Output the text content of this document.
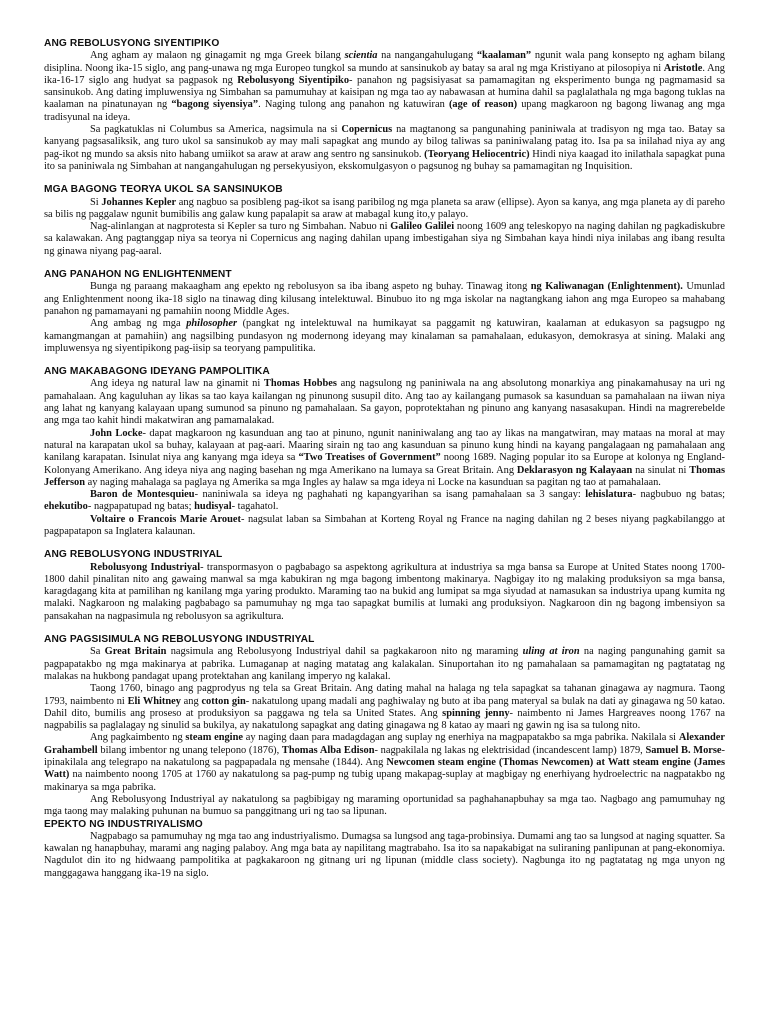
ANG REBOLUSYONG SIYENTIPIKO

Ang agham ay malaon ng ginagamit ng mga Greek bilang scientia na nangangahulugang “kaalaman” ngunit wala pang konsepto ng agham bilang disiplina. Noong ika-15 siglo, ang pang-unawa ng mga Europeo tungkol sa mundo at sansinukob ay batay sa aral ng mga Kristiyano at pilosopiya ni Aristotle. Ang ika-16-17 siglo ang hudyat sa pagpasok ng Rebolusyong Siyentipiko- panahon ng pagsisiyasat sa pamamagitan ng eksperimento bunga ng pagmamasid sa sansinukob. Ang dating impluwensiya ng Simbahan sa pamumuhay at kaisipan ng mga tao ay nabawasan at humina dahil sa paglalathala ng mga bagong tuklas na kaalaman na pinatunayan ng “bagong siyensiya”. Naging tulong ang panahon ng katuwiran (age of reason) upang magkaroon ng bagong liwanag ang mga tradisyunal na ideya.

Sa pagkatuklas ni Columbus sa America, nagsimula na si Copernicus na magtanong sa pangunahing paniniwala at tradisyon ng mga tao. Batay sa kanyang pagsasaliksik, ang turo ukol sa sansinukob ay may mali sapagkat ang mundo ay bilog taliwas sa paniniwalang patag ito. Isa pa sa inilahad niya ay ang pag-ikot ng mundo sa aksis nito habang umiikot sa araw at araw ang sentro ng sansinukob. (Teoryang Heliocentric) Hindi niya kaagad ito inilathala sapagkat puna ito sa paniniwala ng Simbahan at nangangahulugan ng persekyusiyon, ekskomulgasyon o pagsunog ng buhay sa pamamagitan ng Inquisition.

MGA BAGONG TEORYA UKOL SA SANSINUKOB

Si Johannes Kepler ang nagbuo sa posibleng pag-ikot sa isang paribilog ng mga planeta sa araw (ellipse). Ayon sa kanya, ang mga planeta ay di pareho sa bilis ng paggalaw ngunit bumibilis ang galaw kung papalapit sa araw at mabagal kung ito,y palayo.

Nag-alinlangan at nagprotesta si Kepler sa turo ng Simbahan. Nabuo ni Galileo Galilei noong 1609 ang teleskopyo na naging dahilan ng pagkadiskubre sa kalawakan. Ang pagtanggap niya sa teorya ni Copernicus ang naging dahilan upang imbestigahan siya ng Simbahan kaya hindi niya inilabas ang ibang resulta ng ginawa niyang pag-aaral.

ANG PANAHON NG ENLIGHTENMENT

Bunga ng paraang makaagham ang epekto ng rebolusyon sa iba ibang aspeto ng buhay. Tinawag itong ng Kaliwanagan (Enlightenment). Umunlad ang Enlightenment noong ika-18 siglo na tinawag ding kilusang intelektuwal. Binubuo ito ng mga iskolar na nagtangkang iahon ang mga Europeo sa mahabang panahon ng pamamayani ng pamahiin noong Middle Ages.

Ang ambag ng mga philosopher (pangkat ng intelektuwal na humikayat sa paggamit ng katuwiran, kaalaman at edukasyon sa pagsugpo ng kamangmangan at pamahiin) ang nagsilbing pundasyon ng modernong ideyang may kinalaman sa pamahalaan, edukasyon, demokrasya at sining. Malaki ang impluwensya ng siyentipikong pag-iisip sa teoryang pampulitika.

ANG MAKABAGONG IDEYANG PAMPOLITIKA

Ang ideya ng natural law na ginamit ni Thomas Hobbes ang nagsulong ng paniniwala na ang absolutong monarkiya ang pinakamahusay na uri ng pamahalaan. Ang kaguluhan ay likas sa tao kaya kailangan ng pinunong susupil dito. Ang tao ay kailangang pumasok sa kasunduan sa pamahalaan na iiwan niya ang lahat ng kanyang kalayaan upang sumunod sa pinuno ng pamahalaan. Sa gayon, poprotektahan ng pinuno ang kanyang nasasakupan. Hindi na magrerebelde ang mga tao kahit hindi makatwiran ang pamamalakad.

John Locke- dapat magkaroon ng kasunduan ang tao at pinuno, ngunit naniniwalang ang tao ay likas na mangatwiran, may mataas na moral at may natural na karapatan ukol sa buhay, kalayaan at pag-aari. Maaring sirain ng tao ang kasunduan sa pinuno kung hindi na kayang pangalagaan ng pamahalaan ang kanilang karapatan. Isinulat niya ang kanyang mga ideya sa “Two Treatises of Government” noong 1689. Naging popular ito sa Europe at kolonya ng England- Kolonyang Amerikano. Ang ideya niya ang naging basehan ng mga Amerikano na lumaya sa Great Britain. Ang Deklarasyon ng Kalayaan na sinulat ni Thomas Jefferson ay naging mahalaga sa paglaya ng Amerika sa mga Ingles ay halaw sa mga ideya ni Locke na kasunduan sa pagitan ng tao at pamahalaan.

Baron de Montesquieu- naniniwala sa ideya ng paghahati ng kapangyarihan sa isang pamahalaan sa 3 sangay: lehislatura- nagbubuo ng batas; ehekutibo- nagpapatupad ng batas; hudisyal- tagahatol.

Voltaire o Francois Marie Arouet- nagsulat laban sa Simbahan at Korteng Royal ng France na naging dahilan ng 2 beses niyang pagkabilanggo at pagpapatapon sa Inglatera kalaunan.

ANG REBOLUSYONG INDUSTRIYAL

Rebolusyong Industriyal- transpormasyon o pagbabago sa aspektong agrikultura at industriya sa mga bansa sa Europe at United States noong 1700- 1800 dahil pinalitan nito ang gawaing manwal sa mga kabukiran ng mga bagong imbentong makinarya. Nagbigay ito ng malaking produksiyon sa mga bansa, karagdagang kita at pamilihan ng kanilang mga yaring produkto. Maraming tao na bukid ang lumipat sa mga siyudad at namasukan sa industriya upang kumita ng malaki. Nagkaroon ng malaking pagbabago sa pamumuhay ng mga tao sapagkat bumilis at lumaki ang produksiyon. Nagkaroon din ng bagong imbensiyon sa pansakahan na nagpasimula ng rebolusyon sa agrikultura.

ANG PAGSISIMULA NG REBOLUSYONG INDUSTRIYAL

Sa Great Britain nagsimula ang Rebolusyong Industriyal dahil sa pagkakaroon nito ng maraming uling at iron na naging pangunahing gamit sa pagpapatakbo ng mga makinarya at pabrika. Lumaganap at naging matatag ang kalakalan. Sinuportahan ito ng pamahalaan sa pamamagitan ng pagtatatag ng malakas na hukbong pandagat upang protektahan ang kanilang imperyo ng kalakal.

Taong 1760, binago ang pagprodyus ng tela sa Great Britain. Ang dating mahal na halaga ng tela sapagkat sa tahanan ginagawa ay nagmura. Taong 1793, naimbento ni Eli Whitney ang cotton gin- nakatulong upang madali ang paghiwalay ng buto at iba pang materyal sa bulak na dati ay ginagawa ng 50 katao. Dahil dito, bumilis ang proseso at produksiyon sa paggawa ng tela sa United States. Ang spinning jenny- naimbento ni James Hargreaves noong 1767 na nagpabilis sa paglalagay ng sinulid sa bukilya, ay nakatulong sapagkat ang dating ginagawa ng 8 katao ay maari ng gawin ng isa sa tulong nito.

Ang pagkaimbento ng steam engine ay naging daan para madagdagan ang suplay ng enerhiya na magpapatakbo sa mga pabrika. Nakilala si Alexander Grahambell bilang imbentor ng unang telepono (1876), Thomas Alba Edison- nagpakilala ng lakas ng elektrisidad (incandescent lamp) 1879, Samuel B. Morse- ipinakilala ang telegrapo na nakatulong sa pagpapadala ng mensahe (1844). Ang Newcomen steam engine (Thomas Newcomen) at Watt steam engine (James Watt) na naimbento noong 1705 at 1760 ay nakatulong sa pag-pump ng tubig upang makapag-suplay at magbigay ng enerhiyang hydroelectric na nagpatakbo ng makinarya sa mga pabrika.

Ang Rebolusyong Industriyal ay nakatulong sa pagbibigay ng maraming oportunidad sa paghahanapbuhay sa mga tao. Nagbago ang pamumuhay ng mga taong may malaking puhunan na bumuo sa panggitnang uri ng tao sa lipunan.

EPEKTO NG INDUSTRIYALISMO

Nagpabago sa pamumuhay ng mga tao ang industriyalismo. Dumagsa sa lungsod ang taga-probinsiya. Dumami ang tao sa lungsod at naging squatter. Sa kawalan ng hanapbuhay, marami ang naging palaboy. Ang mga bata ay napilitang magtrabaho. Isa ito sa napakabigat na suliraning panlipunan at pang-ekonomiya. Nagdulot din ito ng hidwaang pampolitika at pagkakaroon ng gitnang uri ng lipunan (middle class society). Nagbunga ito ng pagtatatag ng mga unyon ng manggagawa hanggang ika-19 na siglo.
